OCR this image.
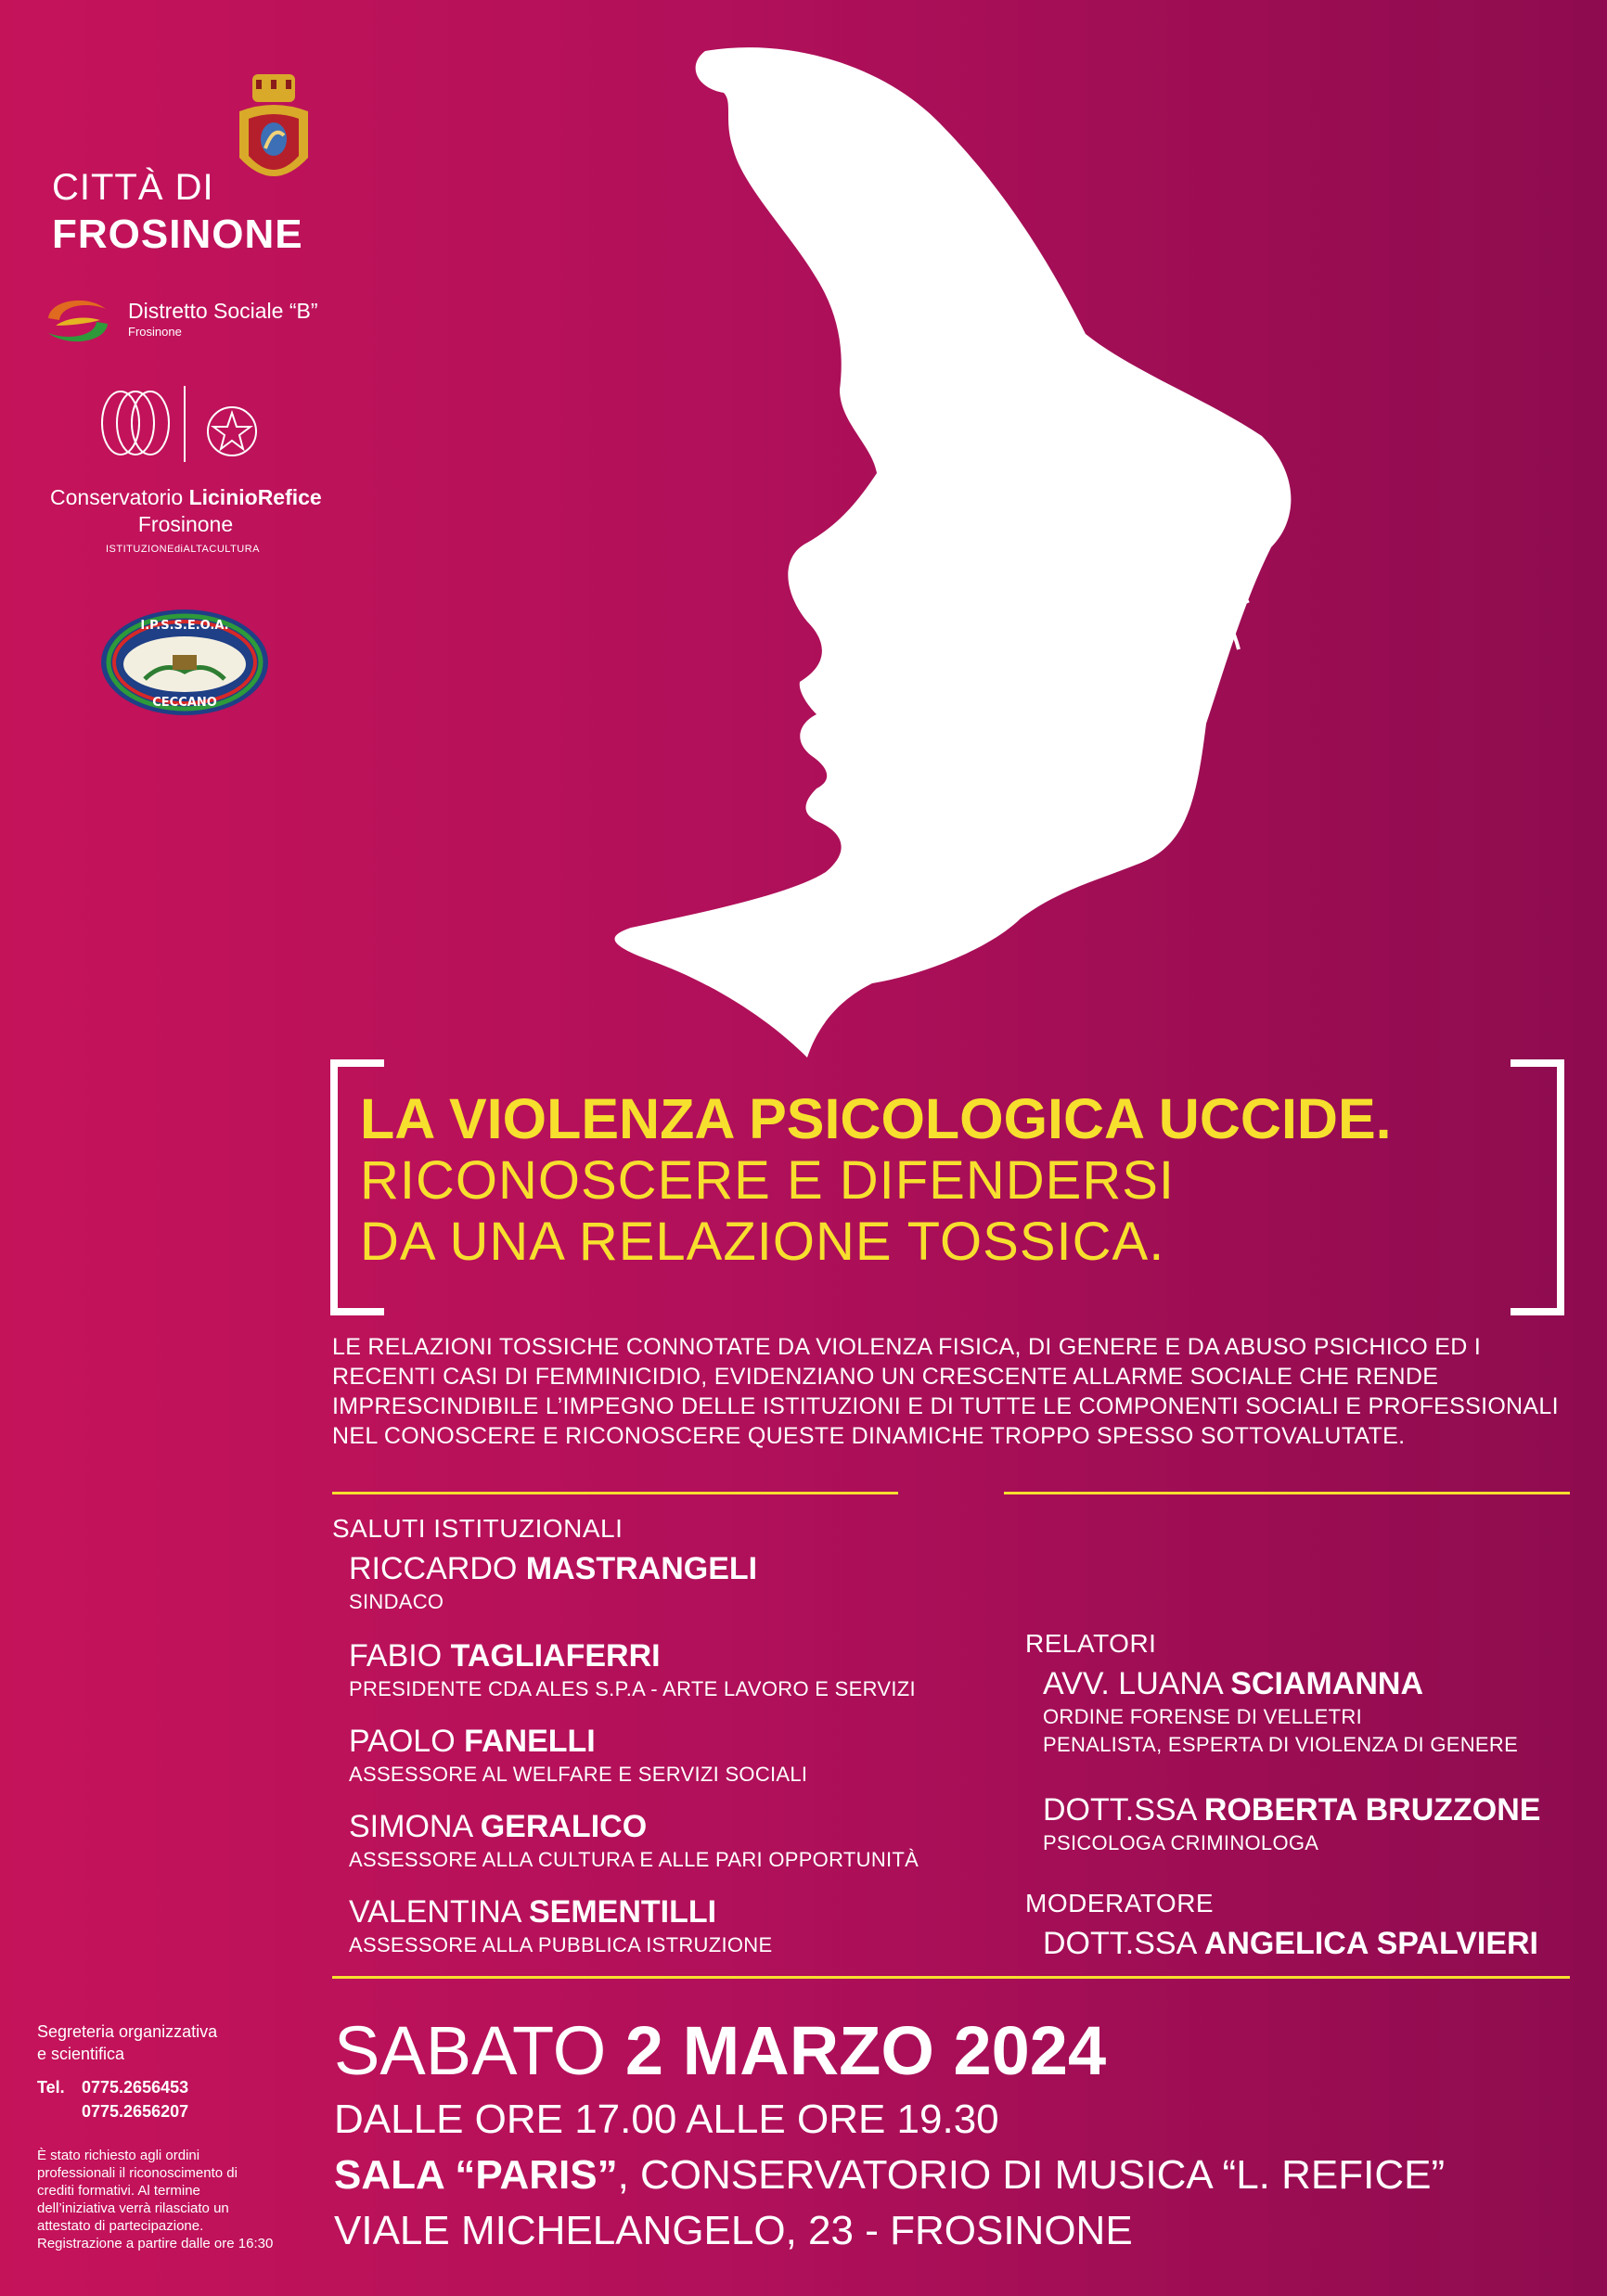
CITTÀ DI
FROSINONE
Distretto Sociale “B”
Frosinone
Conservatorio LicinioRefice
Frosinone
ISTITUZIONEdiALTACULTURA
I.P.S.S.E.O.A.
CECCANO
LA VIOLENZA PSICOLOGICA UCCIDE.
RICONOSCERE E DIFENDERSI
DA UNA RELAZIONE TOSSICA.
LE RELAZIONI TOSSICHE CONNOTATE DA VIOLENZA FISICA, DI GENERE E DA ABUSO PSICHICO ED I
RECENTI CASI DI FEMMINICIDIO, EVIDENZIANO UN CRESCENTE ALLARME SOCIALE CHE RENDE
IMPRESCINDIBILE L’IMPEGNO DELLE ISTITUZIONI E DI TUTTE LE COMPONENTI SOCIALI E PROFESSIONALI
NEL CONOSCERE E RICONOSCERE QUESTE DINAMICHE TROPPO SPESSO SOTTOVALUTATE.
SALUTI ISTITUZIONALI
RICCARDO MASTRANGELI
SINDACO
FABIO TAGLIAFERRI
PRESIDENTE CDA ALES S.P.A - ARTE LAVORO E SERVIZI
PAOLO FANELLI
ASSESSORE AL WELFARE E SERVIZI SOCIALI
SIMONA GERALICO
ASSESSORE ALLA CULTURA E ALLE PARI OPPORTUNITÀ
VALENTINA SEMENTILLI
ASSESSORE ALLA PUBBLICA ISTRUZIONE
RELATORI
AVV. LUANA SCIAMANNA
ORDINE FORENSE DI VELLETRI
PENALISTA, ESPERTA DI VIOLENZA DI GENERE
DOTT.SSA ROBERTA BRUZZONE
PSICOLOGA CRIMINOLOGA
MODERATORE
DOTT.SSA ANGELICA SPALVIERI
Segreteria organizzativa
e scientifica
Tel. 0775.2656453
0775.2656207
È stato richiesto agli ordini
professionali il riconoscimento di
crediti formativi. Al termine
dell’iniziativa verrà rilasciato un
attestato di partecipazione.
Registrazione a partire dalle ore 16:30
SABATO 2 MARZO 2024
DALLE ORE 17.00 ALLE ORE 19.30
SALA “PARIS”, CONSERVATORIO DI MUSICA “L. REFICE”
VIALE MICHELANGELO, 23 - FROSINONE
